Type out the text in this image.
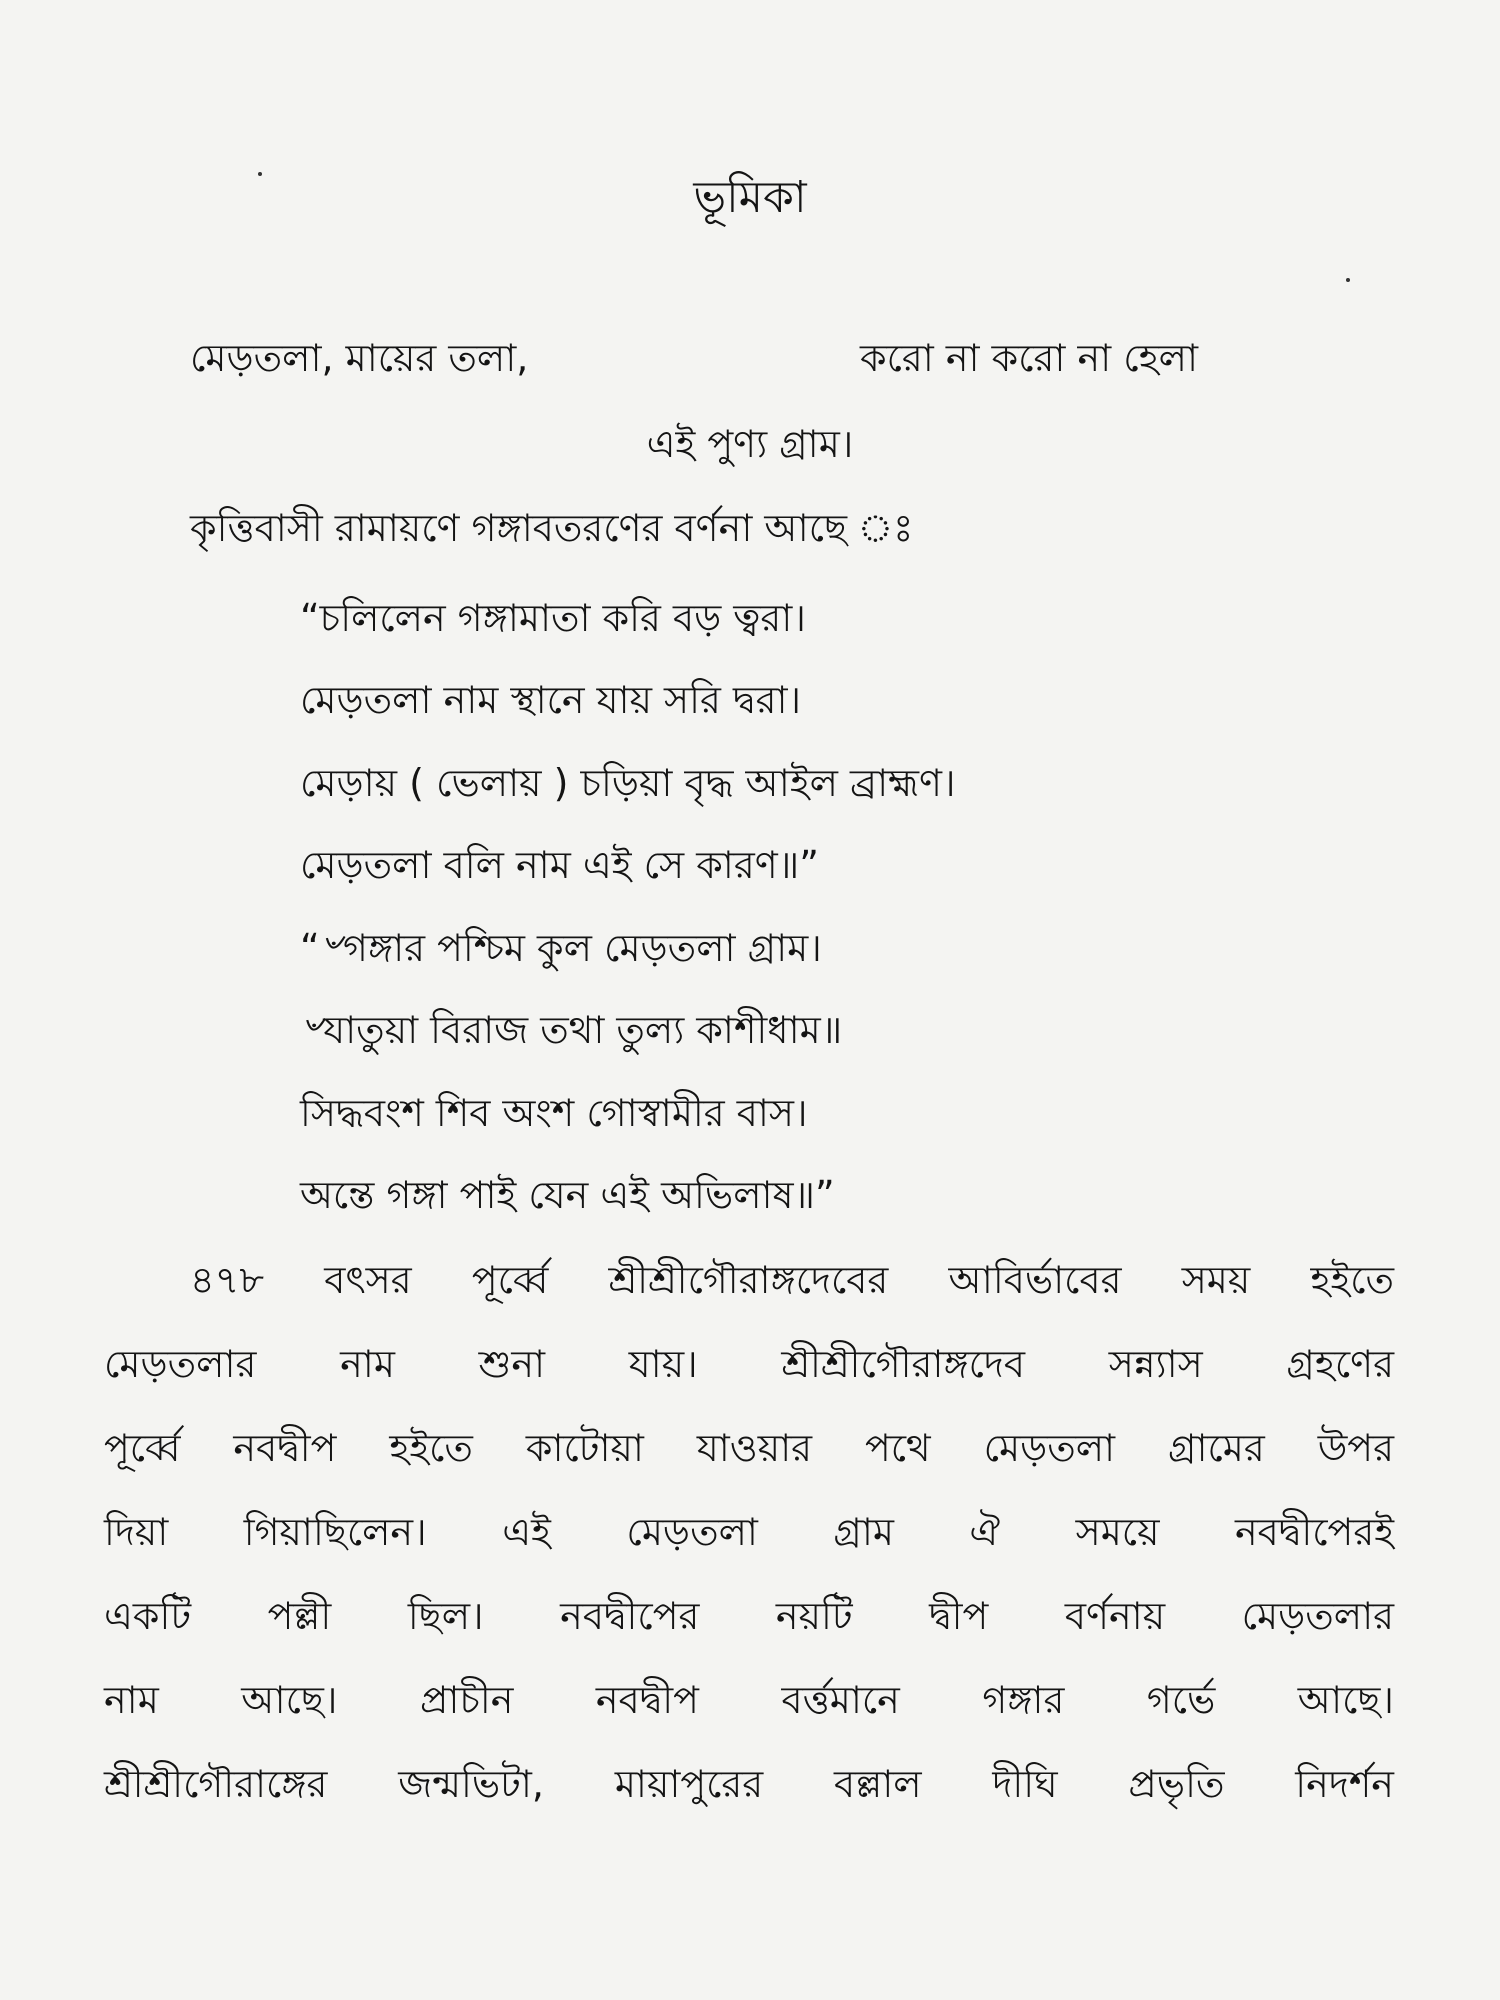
ভূমিকা
মেড়তলা, মায়ের তলা,	করো না করো না হেলা
এই পুণ্য গ্রাম।
কৃত্তিবাসী রামায়ণে গঙ্গাবতরণের বর্ণনা আছে ঃ
“চলিলেন গঙ্গামাতা করি বড় ত্বরা।
মেড়তলা নাম স্থানে যায় সরি দ্বরা।
মেড়ায় ( ভেলায় ) চড়িয়া বৃদ্ধ আইল ব্রাহ্মণ।
মেড়তলা বলি নাম এই সে কারণ॥”
“৺গঙ্গার পশ্চিম কুল মেড়তলা গ্রাম।
৺যাতুয়া বিরাজ তথা তুল্য কাশীধাম॥
সিদ্ধবংশ শিব অংশ গোস্বামীর বাস।
অন্তে গঙ্গা পাই যেন এই অভিলাষ॥”
৪৭৮ বৎসর পূর্ব্বে শ্রীশ্রীগৌরাঙ্গদেবের আবির্ভাবের সময় হইতে
মেড়তলার নাম শুনা যায়। শ্রীশ্রীগৌরাঙ্গদেব সন্ন্যাস গ্রহণের
পূর্ব্বে নবদ্বীপ হইতে কাটোয়া যাওয়ার পথে মেড়তলা গ্রামের উপর
দিয়া গিয়াছিলেন। এই মেড়তলা গ্রাম ঐ সময়ে নবদ্বীপেরই
একটি পল্লী ছিল। নবদ্বীপের নয়টি দ্বীপ বর্ণনায় মেড়তলার
নাম আছে। প্রাচীন নবদ্বীপ বর্ত্তমানে গঙ্গার গর্ভে আছে।
শ্রীশ্রীগৌরাঙ্গের জন্মভিটা, মায়াপুরের বল্লাল দীঘি প্রভৃতি নিদর্শন
